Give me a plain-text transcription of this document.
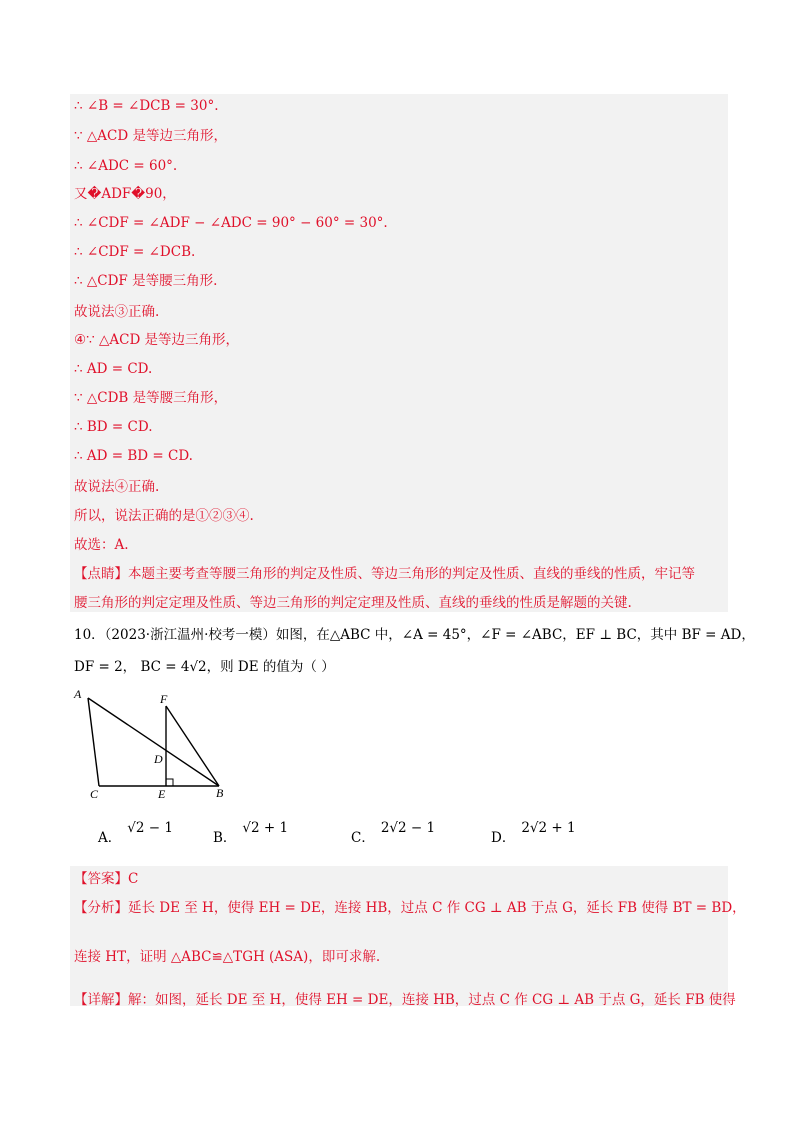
∴ ∠B = ∠DCB = 30°.
∵ △ACD 是等边三角形，
∴ ∠ADC = 60°.
又�ADF�90，
∴ ∠CDF = ∠ADF − ∠ADC = 90° − 60° = 30°.
∴ ∠CDF = ∠DCB.
∴ △CDF 是等腰三角形.
故说法③正确.
④∵ △ACD 是等边三角形，
∴ AD = CD.
∵ △CDB 是等腰三角形，
∴ BD = CD.
∴ AD = BD = CD.
故说法④正确.
所以，说法正确的是①②③④.
故选：A.
【点睛】本题主要考查等腰三角形的判定及性质、等边三角形的判定及性质、直线的垂线的性质，牢记等
腰三角形的判定定理及性质、等边三角形的判定定理及性质、直线的垂线的性质是解题的关键.
10．（2023·浙江温州·校考一模）如图，在△ABC 中，∠A = 45°，∠F = ∠ABC，EF ⊥ BC，其中 BF = AD，
DF = 2， BC = 4√2，则 DE 的值为（ ）
A	F
D
C	E	B
A．√2 − 1
B．√2 + 1
C．2√2 − 1
D．2√2 + 1
【答案】C
【分析】延长 DE 至 H，使得 EH = DE，连接 HB，过点 C 作 CG ⊥ AB 于点 G，延长 FB 使得 BT = BD，
连接 HT，证明 △ABC≌△TGH (ASA)，即可求解.
【详解】解：如图，延长 DE 至 H，使得 EH = DE，连接 HB，过点 C 作 CG ⊥ AB 于点 G，延长 FB 使得
